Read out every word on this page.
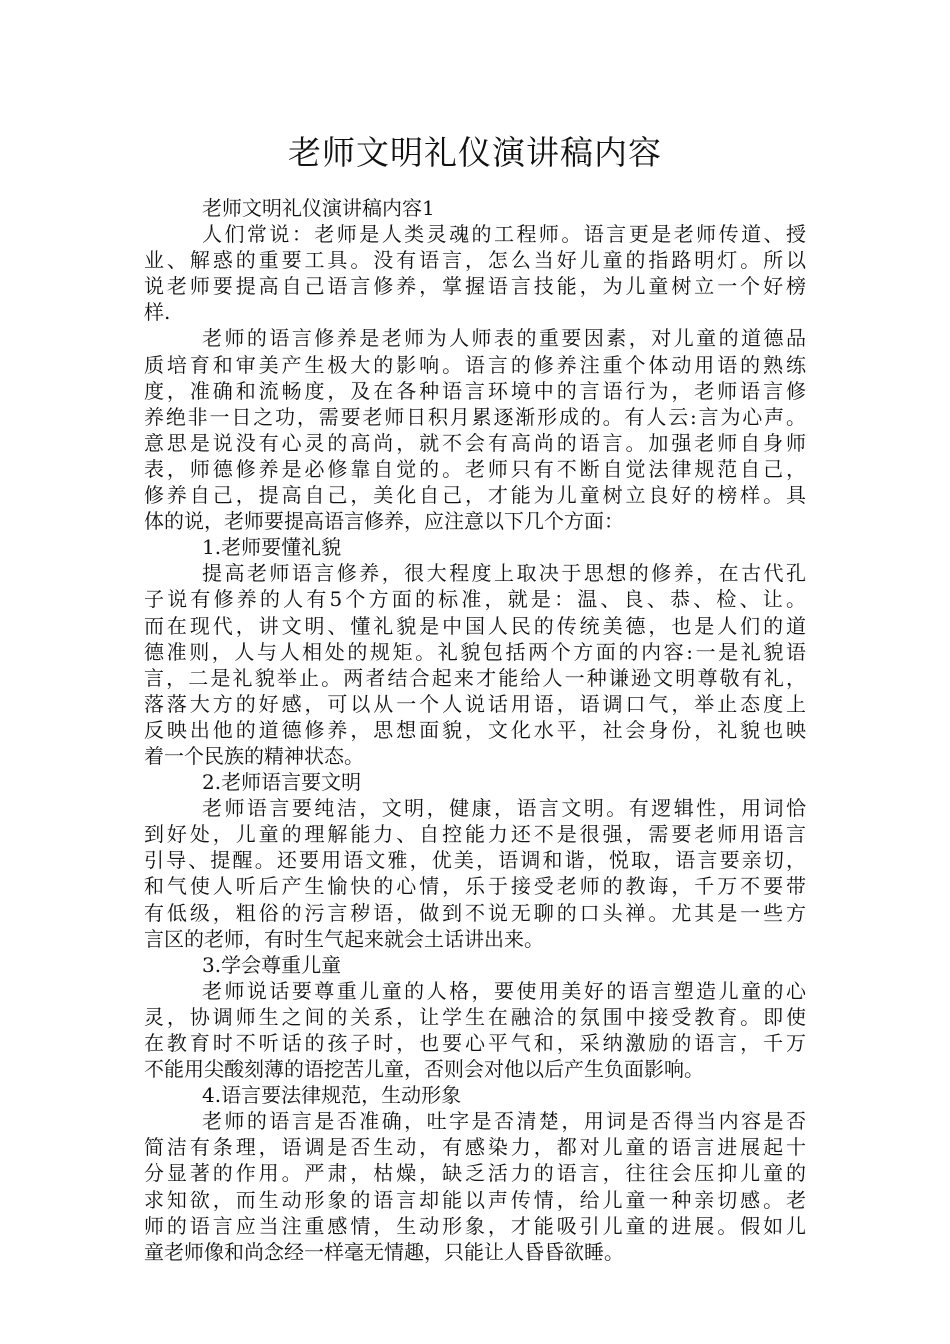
老师文明礼仪演讲稿内容
老师文明礼仪演讲稿内容1
人们常说：老师是人类灵魂的工程师。语言更是老师传道、授
业、解惑的重要工具。没有语言，怎么当好儿童的指路明灯。所以
说老师要提高自己语言修养，掌握语言技能，为儿童树立一个好榜
样.
老师的语言修养是老师为人师表的重要因素，对儿童的道德品
质培育和审美产生极大的影响。语言的修养注重个体动用语的熟练
度，准确和流畅度，及在各种语言环境中的言语行为，老师语言修
养绝非一日之功，需要老师日积月累逐渐形成的。有人云:言为心声。
意思是说没有心灵的高尚，就不会有高尚的语言。加强老师自身师
表，师德修养是必修靠自觉的。老师只有不断自觉法律规范自己，
修养自己，提高自己，美化自己，才能为儿童树立良好的榜样。具
体的说，老师要提高语言修养，应注意以下几个方面：
1.老师要懂礼貌
提高老师语言修养，很大程度上取决于思想的修养，在古代孔
子说有修养的人有5个方面的标准，就是：温、良、恭、检、让。
而在现代，讲文明、懂礼貌是中国人民的传统美德，也是人们的道
德准则，人与人相处的规矩。礼貌包括两个方面的内容:一是礼貌语
言，二是礼貌举止。两者结合起来才能给人一种谦逊文明尊敬有礼，
落落大方的好感，可以从一个人说话用语，语调口气，举止态度上
反映出他的道德修养，思想面貌，文化水平，社会身份，礼貌也映
着一个民族的精神状态。
2.老师语言要文明
老师语言要纯洁，文明，健康，语言文明。有逻辑性，用词恰
到好处，儿童的理解能力、自控能力还不是很强，需要老师用语言
引导、提醒。还要用语文雅，优美，语调和谐，悦取，语言要亲切，
和气使人听后产生愉快的心情，乐于接受老师的教诲，千万不要带
有低级，粗俗的污言秽语，做到不说无聊的口头禅。尤其是一些方
言区的老师，有时生气起来就会土话讲出来。
3.学会尊重儿童
老师说话要尊重儿童的人格，要使用美好的语言塑造儿童的心
灵，协调师生之间的关系，让学生在融洽的氛围中接受教育。即使
在教育时不听话的孩子时，也要心平气和，采纳激励的语言，千万
不能用尖酸刻薄的语挖苦儿童，否则会对他以后产生负面影响。
4.语言要法律规范，生动形象
老师的语言是否准确，吐字是否清楚，用词是否得当内容是否
简洁有条理，语调是否生动，有感染力，都对儿童的语言进展起十
分显著的作用。严肃，枯燥，缺乏活力的语言，往往会压抑儿童的
求知欲，而生动形象的语言却能以声传情，给儿童一种亲切感。老
师的语言应当注重感情，生动形象，才能吸引儿童的进展。假如儿
童老师像和尚念经一样毫无情趣，只能让人昏昏欲睡。
